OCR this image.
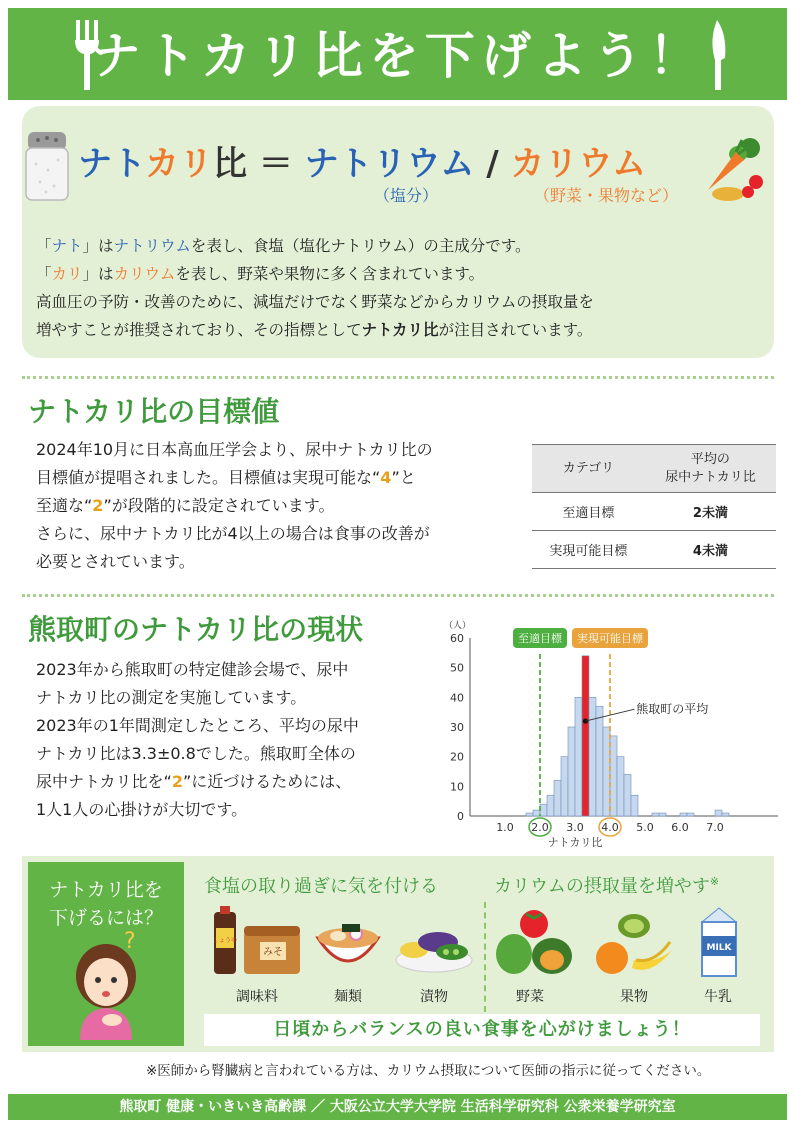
ナトカリ比を下げよう！
ナトカリ比 ＝ ナトリウム / カリウム
（塩分）	（野菜・果物など）
「ナト」はナトリウムを表し、食塩（塩化ナトリウム）の主成分です。
「カリ」はカリウムを表し、野菜や果物に多く含まれています。
高血圧の予防・改善のために、減塩だけでなく野菜などからカリウムの摂取量を
増やすことが推奨されており、その指標としてナトカリ比が注目されています。
ナトカリ比の目標値
2024年10月に日本高血圧学会より、尿中ナトカリ比の
目標値が提唱されました。目標値は実現可能な“4”と
至適な“2”が段階的に設定されています。
さらに、尿中ナトカリ比が4以上の場合は食事の改善が
必要とされています。
カテゴリ	平均の
尿中ナトカリ比
至適目標	2未満
実現可能目標	4未満
熊取町のナトカリ比の現状
2023年から熊取町の特定健診会場で、尿中
ナトカリ比の測定を実施しています。
2023年の1年間測定したところ、平均の尿中
ナトカリ比は3.3±0.8でした。熊取町全体の
尿中ナトカリ比を“2”に近づけるためには、
1人1人の心掛けが大切です。
（人）
0
10
20
30
40
50
60
1.0 2.0 3.0 4.0 5.0 6.0 7.0
ナトカリ比
至適目標 実現可能目標
熊取町の平均
ナトカリ比を
下げるには？
?
食塩の取り過ぎに気を付ける	カリウムの摂取量を増やす※
しょうゆ
みそ	MILK
調味料	麺類	漬物	野菜	果物	牛乳
日頃からバランスの良い食事を心がけましょう！
※医師から腎臓病と言われている方は、カリウム摂取について医師の指示に従ってください。
熊取町 健康・いきいき高齢課 ／ 大阪公立大学大学院 生活科学研究科 公衆栄養学研究室
